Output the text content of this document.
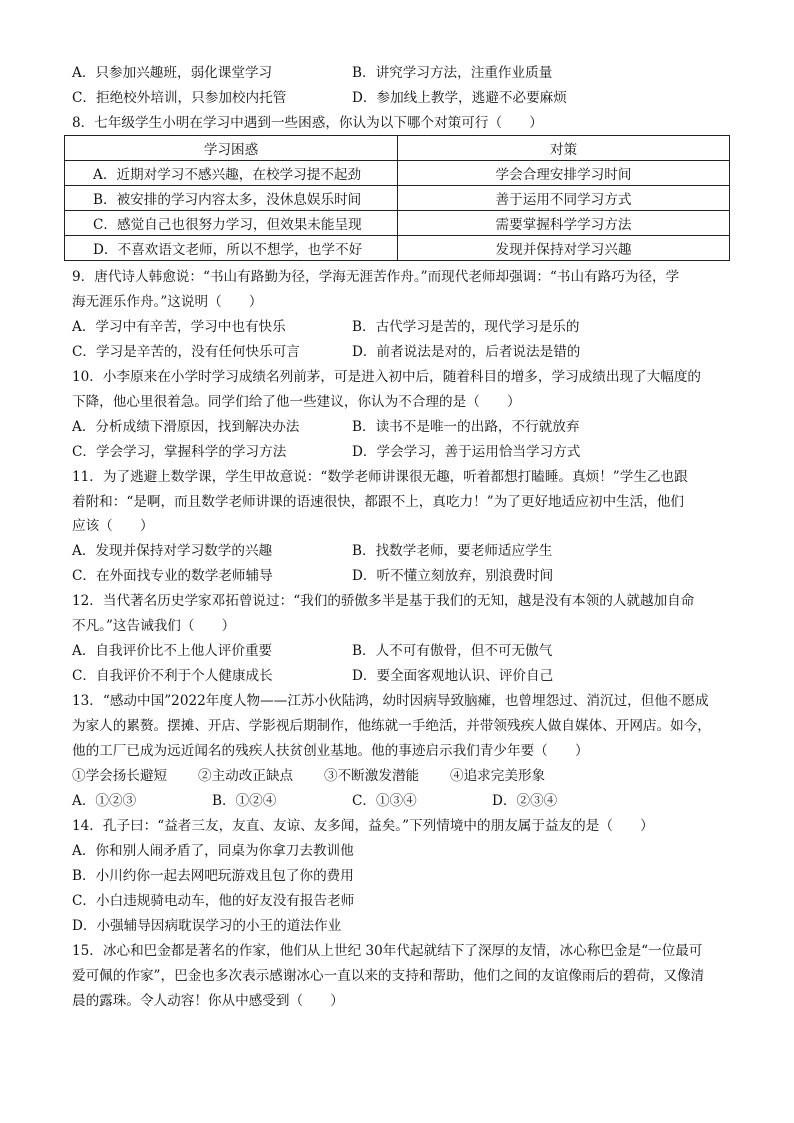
A．只参加兴趣班，弱化课堂学习	B．讲究学习方法，注重作业质量
C．拒绝校外培训，只参加校内托管	D．参加线上教学，逃避不必要麻烦
8．七年级学生小明在学习中遇到一些困惑，你认为以下哪个对策可行（　　）
学习困惑	对策
A．近期对学习不感兴趣，在校学习提不起劲	学会合理安排学习时间
B．被安排的学习内容太多，没休息娱乐时间	善于运用不同学习方式
C．感觉自己也很努力学习，但效果未能呈现	需要掌握科学学习方法
D．不喜欢语文老师，所以不想学，也学不好	发现并保持对学习兴趣
9．唐代诗人韩愈说：“书山有路勤为径，学海无涯苦作舟。”而现代老师却强调：“书山有路巧为径，学
海无涯乐作舟。”这说明（　　）
A．学习中有辛苦，学习中也有快乐	B．古代学习是苦的，现代学习是乐的
C．学习是辛苦的，没有任何快乐可言	D．前者说法是对的，后者说法是错的
10．小李原来在小学时学习成绩名列前茅，可是进入初中后，随着科目的增多，学习成绩出现了大幅度的
下降，他心里很着急。同学们给了他一些建议，你认为不合理的是（　　）
A．分析成绩下滑原因，找到解决办法	B．读书不是唯一的出路，不行就放弃
C．学会学习，掌握科学的学习方法	D．学会学习，善于运用恰当学习方式
11．为了逃避上数学课，学生甲故意说：“数学老师讲课很无趣，听着都想打瞌睡。真烦！”学生乙也跟
着附和：“是啊，而且数学老师讲课的语速很快，都跟不上，真吃力！”为了更好地适应初中生活，他们
应该（　　）
A．发现并保持对学习数学的兴趣	B．找数学老师，要老师适应学生
C．在外面找专业的数学老师辅导	D．听不懂立刻放弃，别浪费时间
12．当代著名历史学家邓拓曾说过：“我们的骄傲多半是基于我们的无知，越是没有本领的人就越加自命
不凡。”这告诫我们（　　）
A．自我评价比不上他人评价重要	B．人不可有傲骨，但不可无傲气
C．自我评价不利于个人健康成长	D．要全面客观地认识、评价自己
13．“感动中国”2022年度人物——江苏小伙陆鸿，幼时因病导致脑瘫，也曾埋怨过、消沉过，但他不愿成
为家人的累赘。摆摊、开店、学影视后期制作，他练就一手绝活，并带领残疾人做自媒体、开网店。如今，
他的工厂已成为远近闻名的残疾人扶贫创业基地。他的事迹启示我们青少年要（　　）
①学会扬长避短 ②主动改正缺点 ③不断激发潜能 ④追求完美形象
A．①②③	B．①②④	C．①③④	D．②③④
14．孔子曰：“益者三友，友直、友谅、友多闻，益矣。”下列情境中的朋友属于益友的是（　　）
A．你和别人闹矛盾了，同桌为你拿刀去教训他
B．小川约你一起去网吧玩游戏且包了你的费用
C．小白违规骑电动车，他的好友没有报告老师
D．小强辅导因病耽误学习的小王的道法作业
15．冰心和巴金都是著名的作家，他们从上世纪 30年代起就结下了深厚的友情，冰心称巴金是“一位最可
爱可佩的作家”，巴金也多次表示感谢冰心一直以来的支持和帮助，他们之间的友谊像雨后的碧荷，又像清
晨的露珠。令人动容！你从中感受到（　　）
